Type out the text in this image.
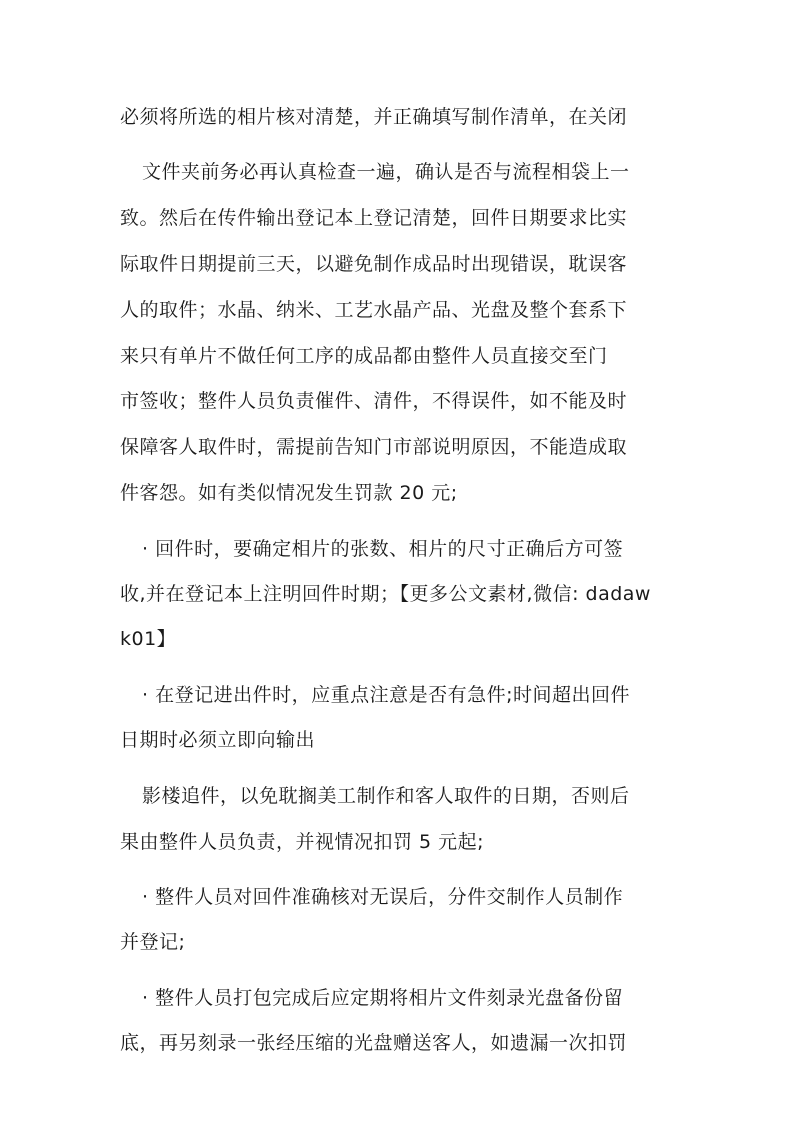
必须将所选的相片核对清楚，并正确填写制作清单，在关闭
文件夹前务必再认真检查一遍，确认是否与流程相袋上一
致。然后在传件输出登记本上登记清楚，回件日期要求比实
际取件日期提前三天，以避免制作成品时出现错误，耽误客
人的取件；水晶、纳米、工艺水晶产品、光盘及整个套系下
来只有单片不做任何工序的成品都由整件人员直接交至门
市签收；整件人员负责催件、清件，不得误件，如不能及时
保障客人取件时，需提前告知门市部说明原因，不能造成取
件客怨。如有类似情况发生罚款 20 元;
· 回件时，要确定相片的张数、相片的尺寸正确后方可签
收,并在登记本上注明回件时期；【更多公文素材,微信: dadaw
k01】
· 在登记进出件时，应重点注意是否有急件;时间超出回件
日期时必须立即向输出
影楼追件，以免耽搁美工制作和客人取件的日期，否则后
果由整件人员负责，并视情况扣罚 5 元起;
· 整件人员对回件准确核对无误后，分件交制作人员制作
并登记;
· 整件人员打包完成后应定期将相片文件刻录光盘备份留
底，再另刻录一张经压缩的光盘赠送客人，如遗漏一次扣罚
